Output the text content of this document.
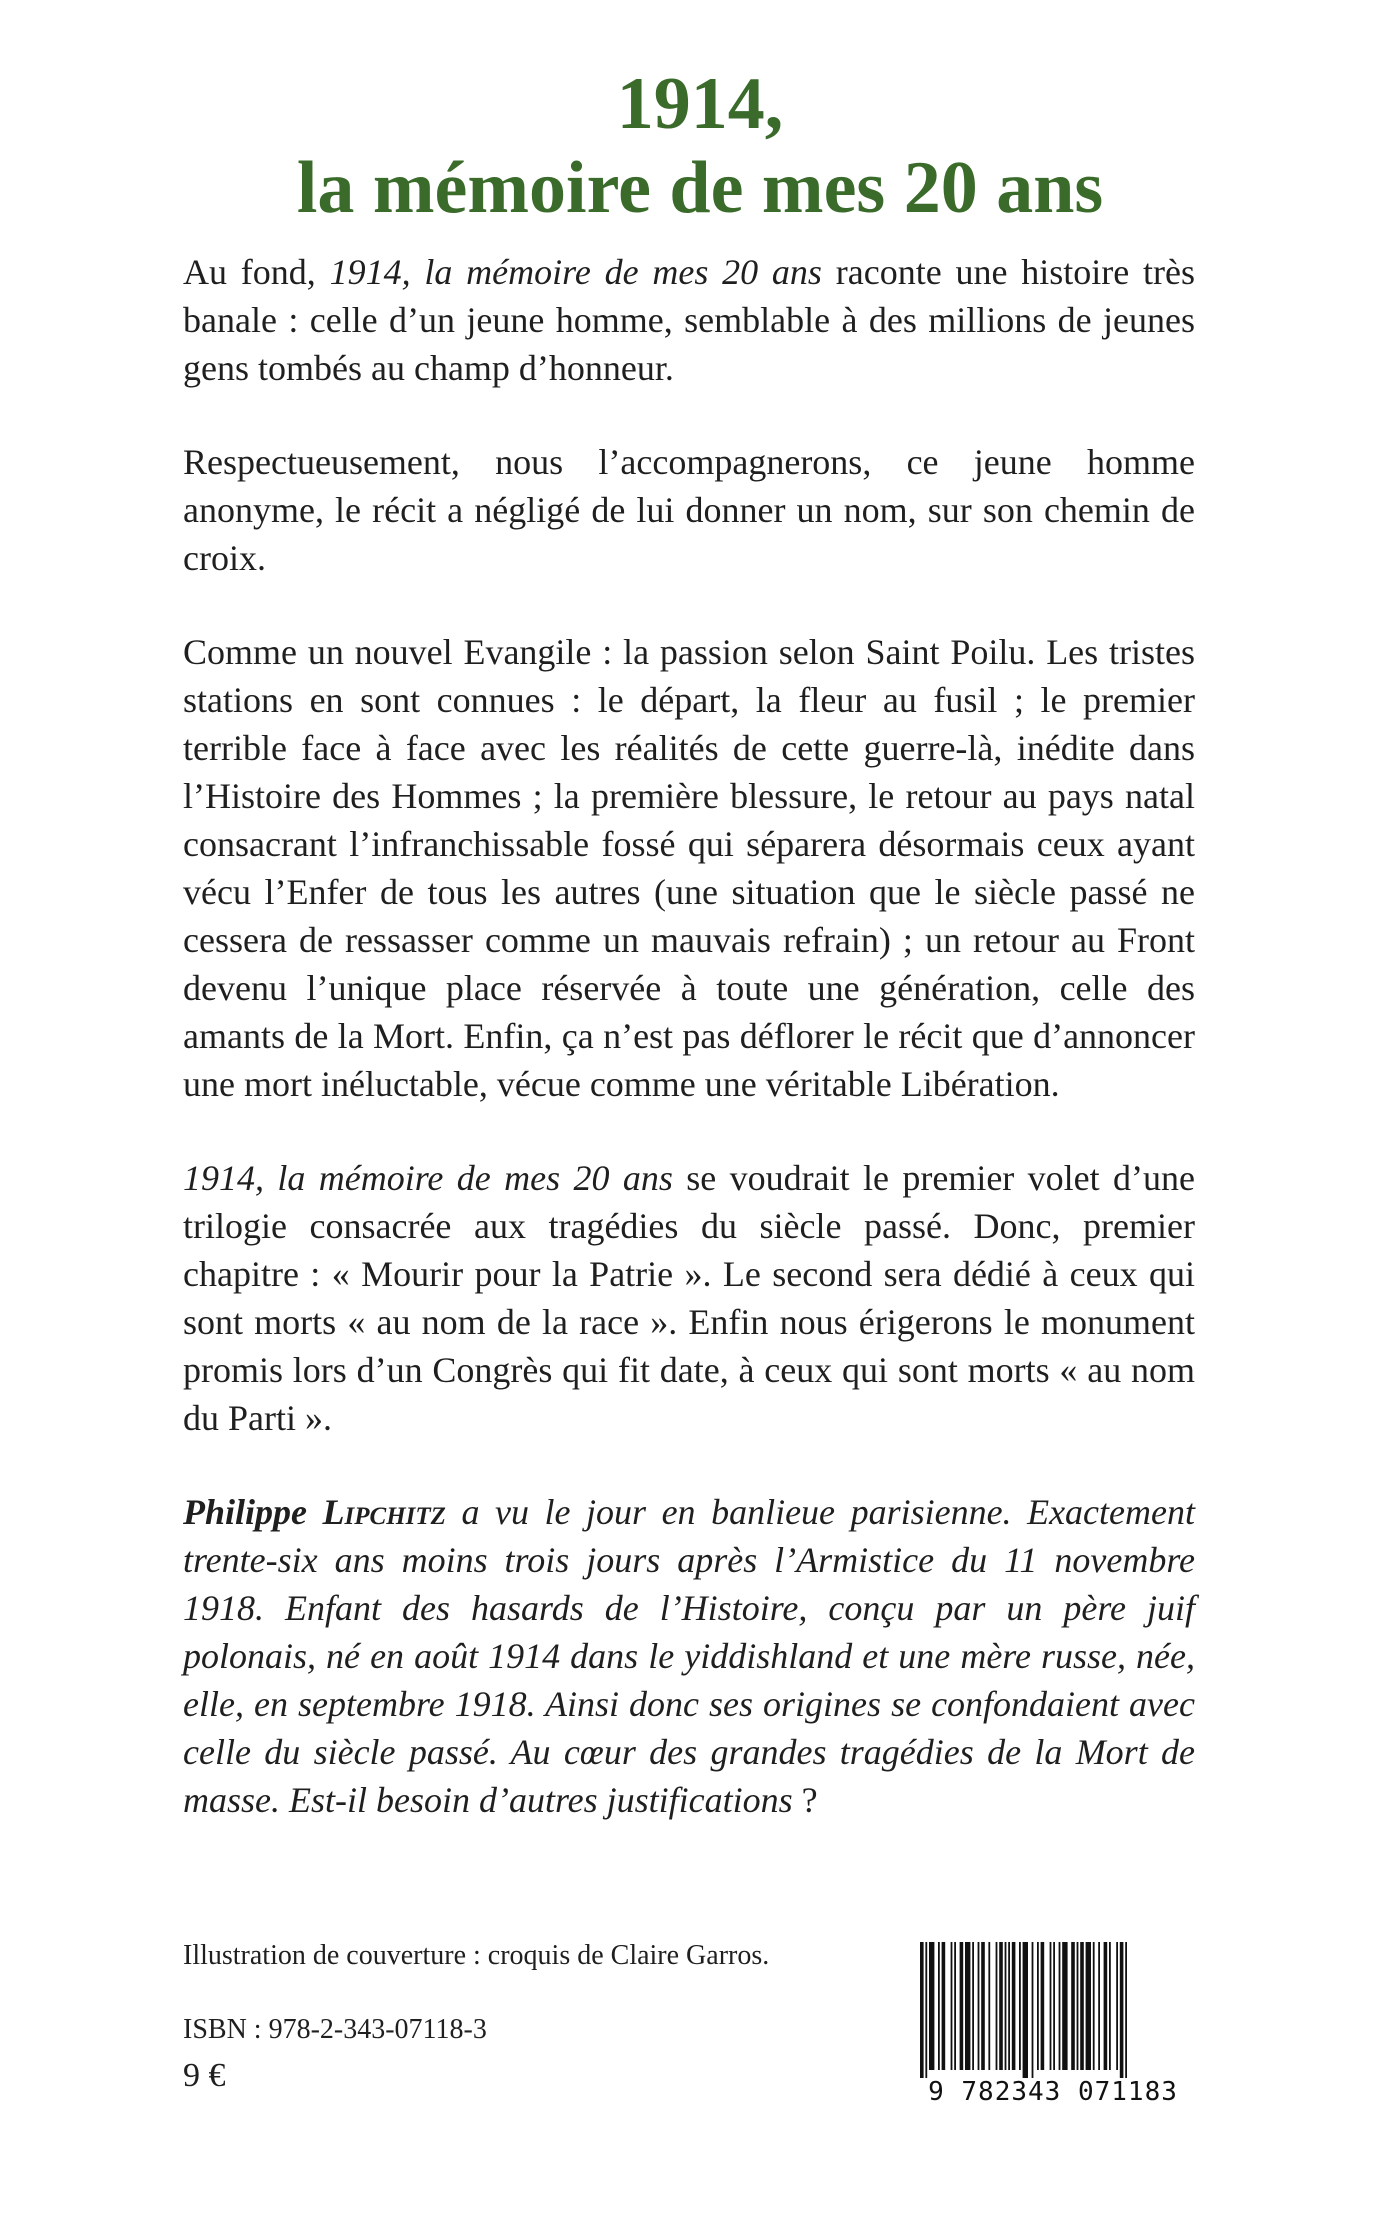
1914,
la mémoire de mes 20 ans

Au fond, 1914, la mémoire de mes 20 ans raconte une histoire très banale : celle d’un jeune homme, semblable à des millions de jeunes gens tombés au champ d’honneur.

Respectueusement, nous l’accompagnerons, ce jeune homme anonyme, le récit a négligé de lui donner un nom, sur son chemin de croix.

Comme un nouvel Evangile : la passion selon Saint Poilu. Les tristes stations en sont connues : le départ, la fleur au fusil ; le premier terrible face à face avec les réalités de cette guerre-là, inédite dans l’Histoire des Hommes ; la première blessure, le retour au pays natal consacrant l’infranchissable fossé qui séparera désormais ceux ayant vécu l’Enfer de tous les autres (une situation que le siècle passé ne cessera de ressasser comme un mauvais refrain) ; un retour au Front devenu l’unique place réservée à toute une génération, celle des amants de la Mort. Enfin, ça n’est pas déflorer le récit que d’annoncer une mort inéluctable, vécue comme une véritable Libération.

1914, la mémoire de mes 20 ans se voudrait le premier volet d’une trilogie consacrée aux tragédies du siècle passé. Donc, premier chapitre : « Mourir pour la Patrie ». Le second sera dédié à ceux qui sont morts « au nom de la race ». Enfin nous érigerons le monument promis lors d’un Congrès qui fit date, à ceux qui sont morts « au nom du Parti ».

Philippe Lipchitz a vu le jour en banlieue parisienne. Exactement trente-six ans moins trois jours après l’Armistice du 11 novembre 1918. Enfant des hasards de l’Histoire, conçu par un père juif polonais, né en août 1914 dans le yiddishland et une mère russe, née, elle, en septembre 1918. Ainsi donc ses origines se confondaient avec celle du siècle passé. Au cœur des grandes tragédies de la Mort de masse. Est-il besoin d’autres justifications ?

Illustration de couverture : croquis de Claire Garros.
ISBN : 978-2-343-07118-3
9 €	9 782343 071183
